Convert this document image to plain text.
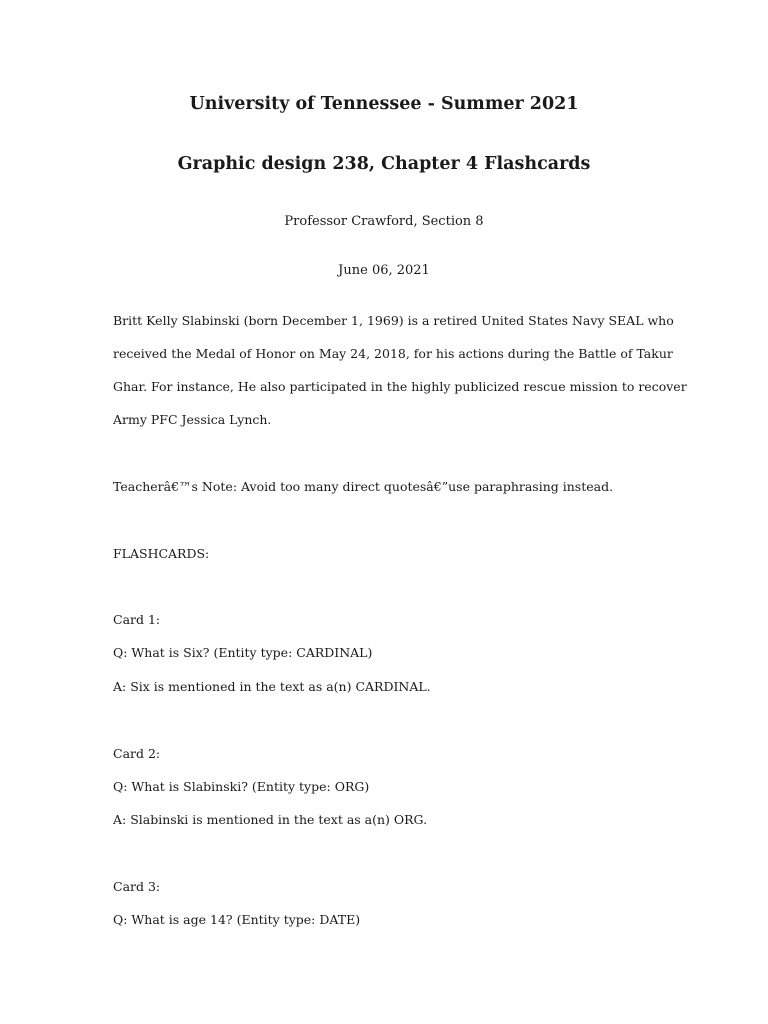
University of Tennessee - Summer 2021
Graphic design 238, Chapter 4 Flashcards
Professor Crawford, Section 8
June 06, 2021
Britt Kelly Slabinski (born December 1, 1969) is a retired United States Navy SEAL who
received the Medal of Honor on May 24, 2018, for his actions during the Battle of Takur
Ghar. For instance, He also participated in the highly publicized rescue mission to recover
Army PFC Jessica Lynch.
Teacherâ€™s Note: Avoid too many direct quotesâ€”use paraphrasing instead.
FLASHCARDS:
Card 1:
Q: What is Six? (Entity type: CARDINAL)
A: Six is mentioned in the text as a(n) CARDINAL.
Card 2:
Q: What is Slabinski? (Entity type: ORG)
A: Slabinski is mentioned in the text as a(n) ORG.
Card 3:
Q: What is age 14? (Entity type: DATE)
